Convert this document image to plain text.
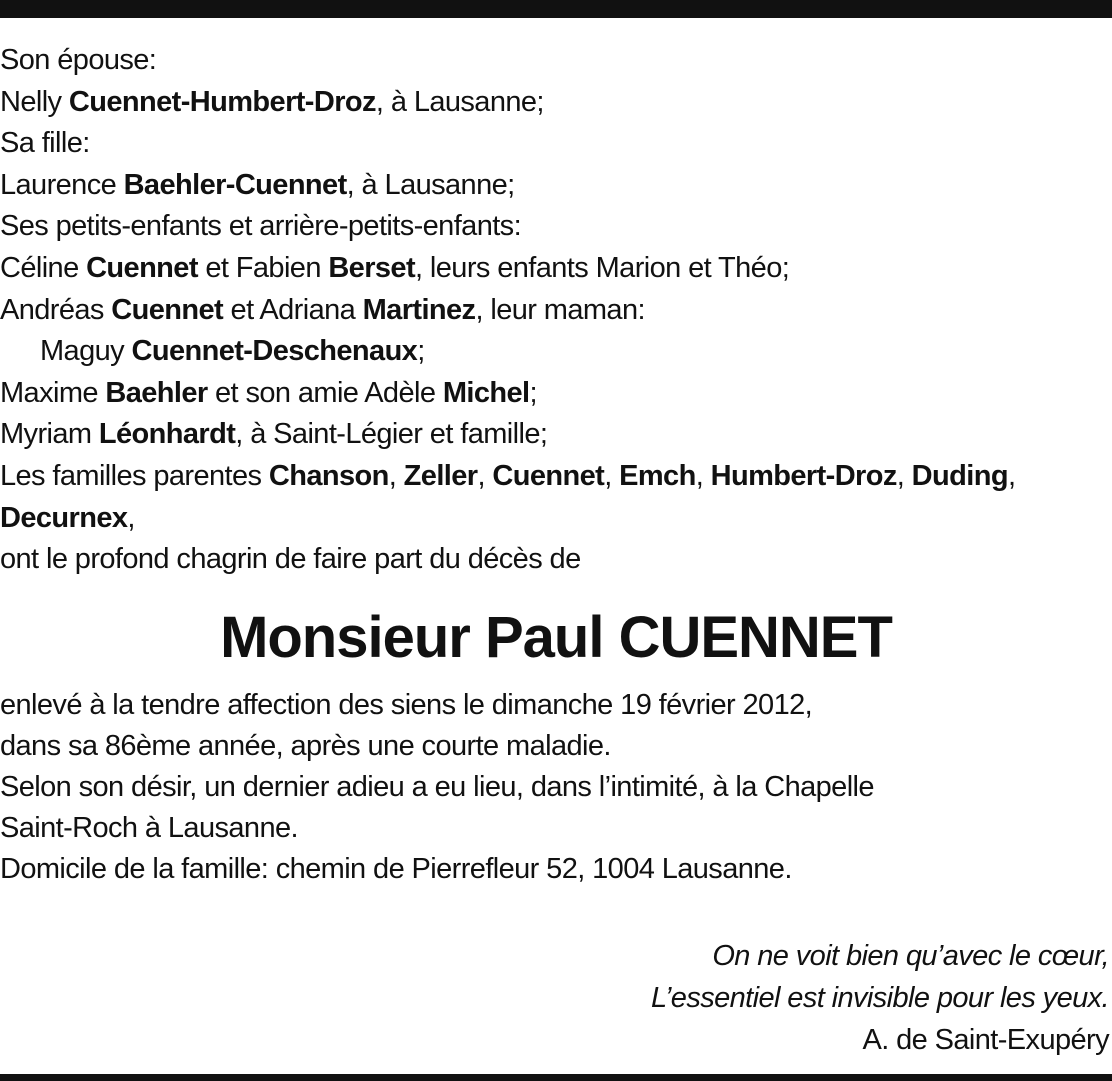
Son épouse:
Nelly Cuennet-Humbert-Droz, à Lausanne;
Sa fille:
Laurence Baehler-Cuennet, à Lausanne;
Ses petits-enfants et arrière-petits-enfants:
Céline Cuennet et Fabien Berset, leurs enfants Marion et Théo;
Andréas Cuennet et Adriana Martinez, leur maman:
Maguy Cuennet-Deschenaux;
Maxime Baehler et son amie Adèle Michel;
Myriam Léonhardt, à Saint-Légier et famille;
Les familles parentes Chanson, Zeller, Cuennet, Emch, Humbert-Droz, Duding, Decurnex,
ont le profond chagrin de faire part du décès de
Monsieur Paul CUENNET
enlevé à la tendre affection des siens le dimanche 19 février 2012,
dans sa 86ème année, après une courte maladie.
Selon son désir, un dernier adieu a eu lieu, dans l’intimité, à la Chapelle
Saint-Roch à Lausanne.
Domicile de la famille: chemin de Pierrefleur 52, 1004 Lausanne.
On ne voit bien qu’avec le cœur,
L’essentiel est invisible pour les yeux.
A. de Saint-Exupéry
